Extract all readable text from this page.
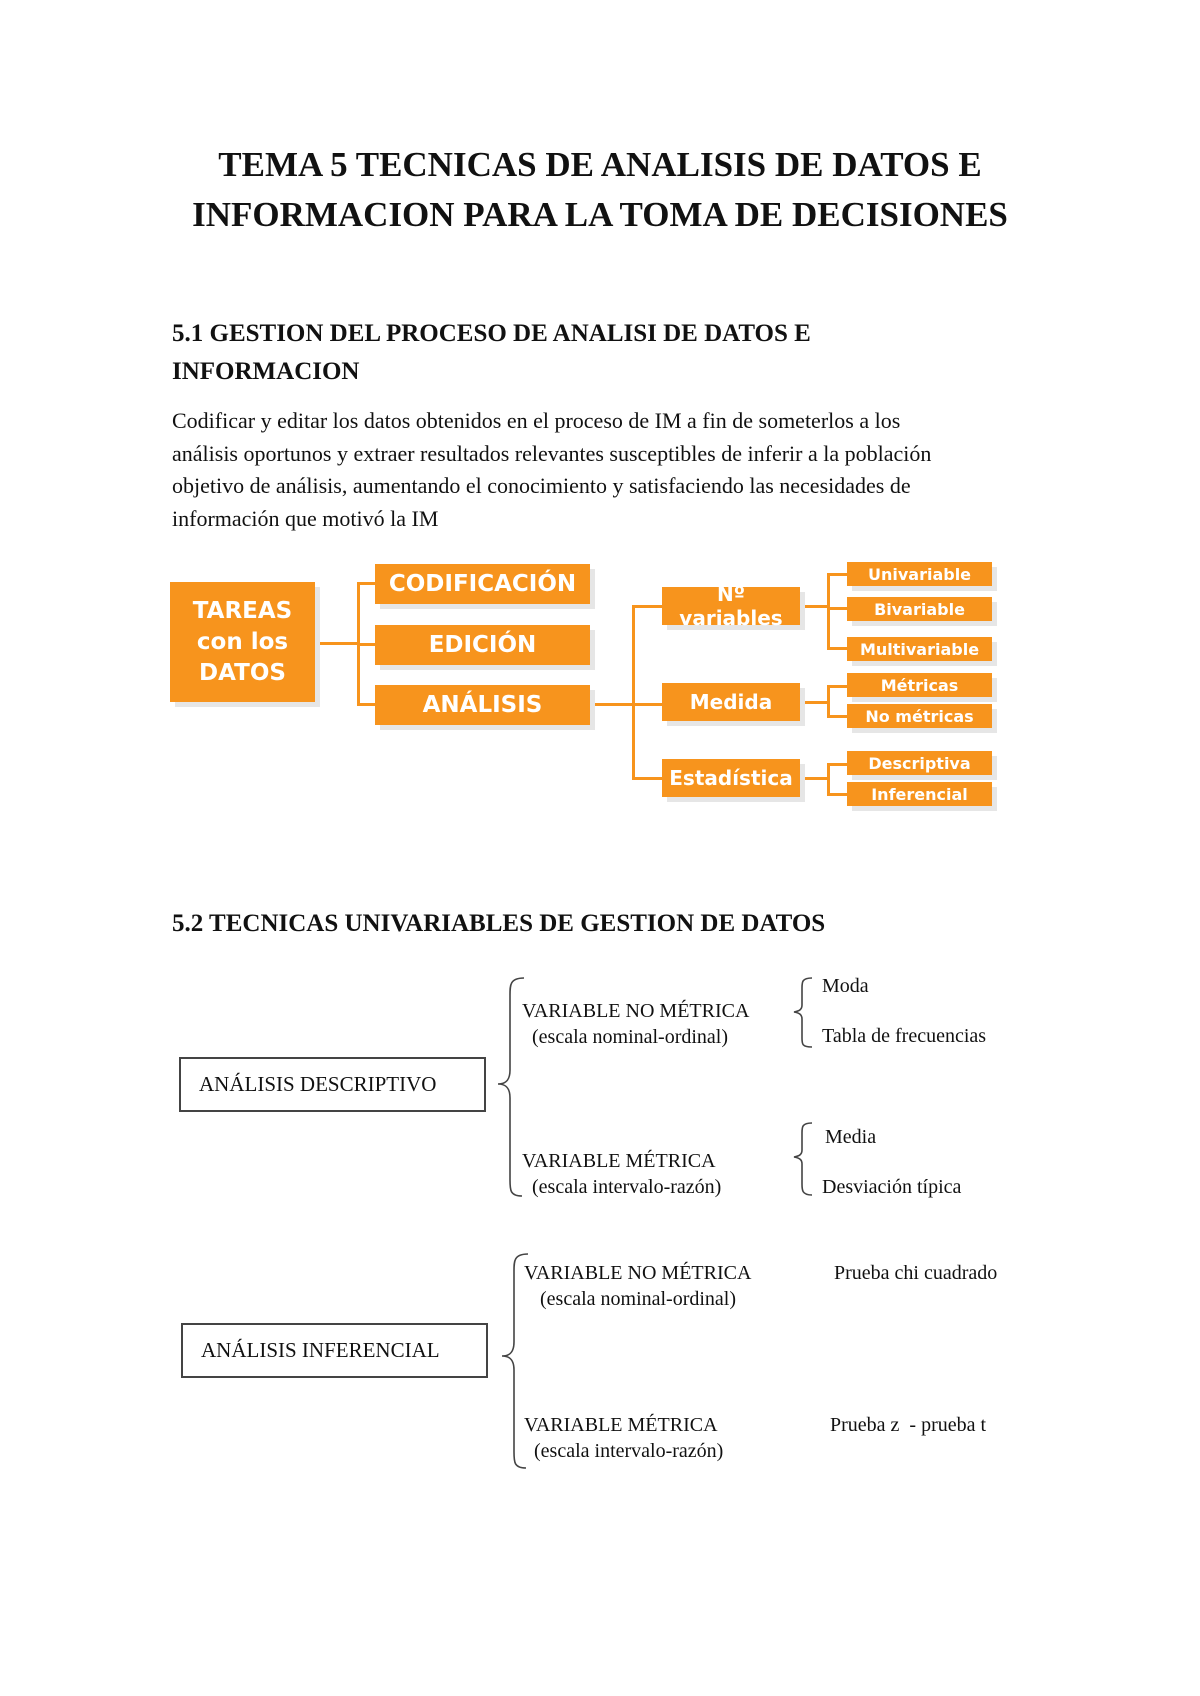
TEMA 5 TECNICAS DE ANALISIS DE DATOS E
INFORMACION PARA LA TOMA DE DECISIONES
5.1 GESTION DEL PROCESO DE ANALISI DE DATOS E
INFORMACION
Codificar y editar los datos obtenidos en el proceso de IM a fin de someterlos a los
análisis oportunos y extraer resultados relevantes susceptibles de inferir a la población
objetivo de análisis, aumentando el conocimiento y satisfaciendo las necesidades de
información que motivó la IM
TAREAS
con los
DATOS
CODIFICACIÓN
EDICIÓN
ANÁLISIS
Nº variables
Medida
Estadística
Univariable
Bivariable
Multivariable
Métricas
No métricas
Descriptiva
Inferencial
5.2 TECNICAS UNIVARIABLES DE GESTION DE DATOS
ANÁLISIS DESCRIPTIVO
VARIABLE NO MÉTRICA
(escala nominal-ordinal)
Moda
Tabla de frecuencias
VARIABLE MÉTRICA
(escala intervalo-razón)
Media
Desviación típica
ANÁLISIS INFERENCIAL
VARIABLE NO MÉTRICA
(escala nominal-ordinal)
Prueba chi cuadrado
VARIABLE MÉTRICA
(escala intervalo-razón)
Prueba z  - prueba t
